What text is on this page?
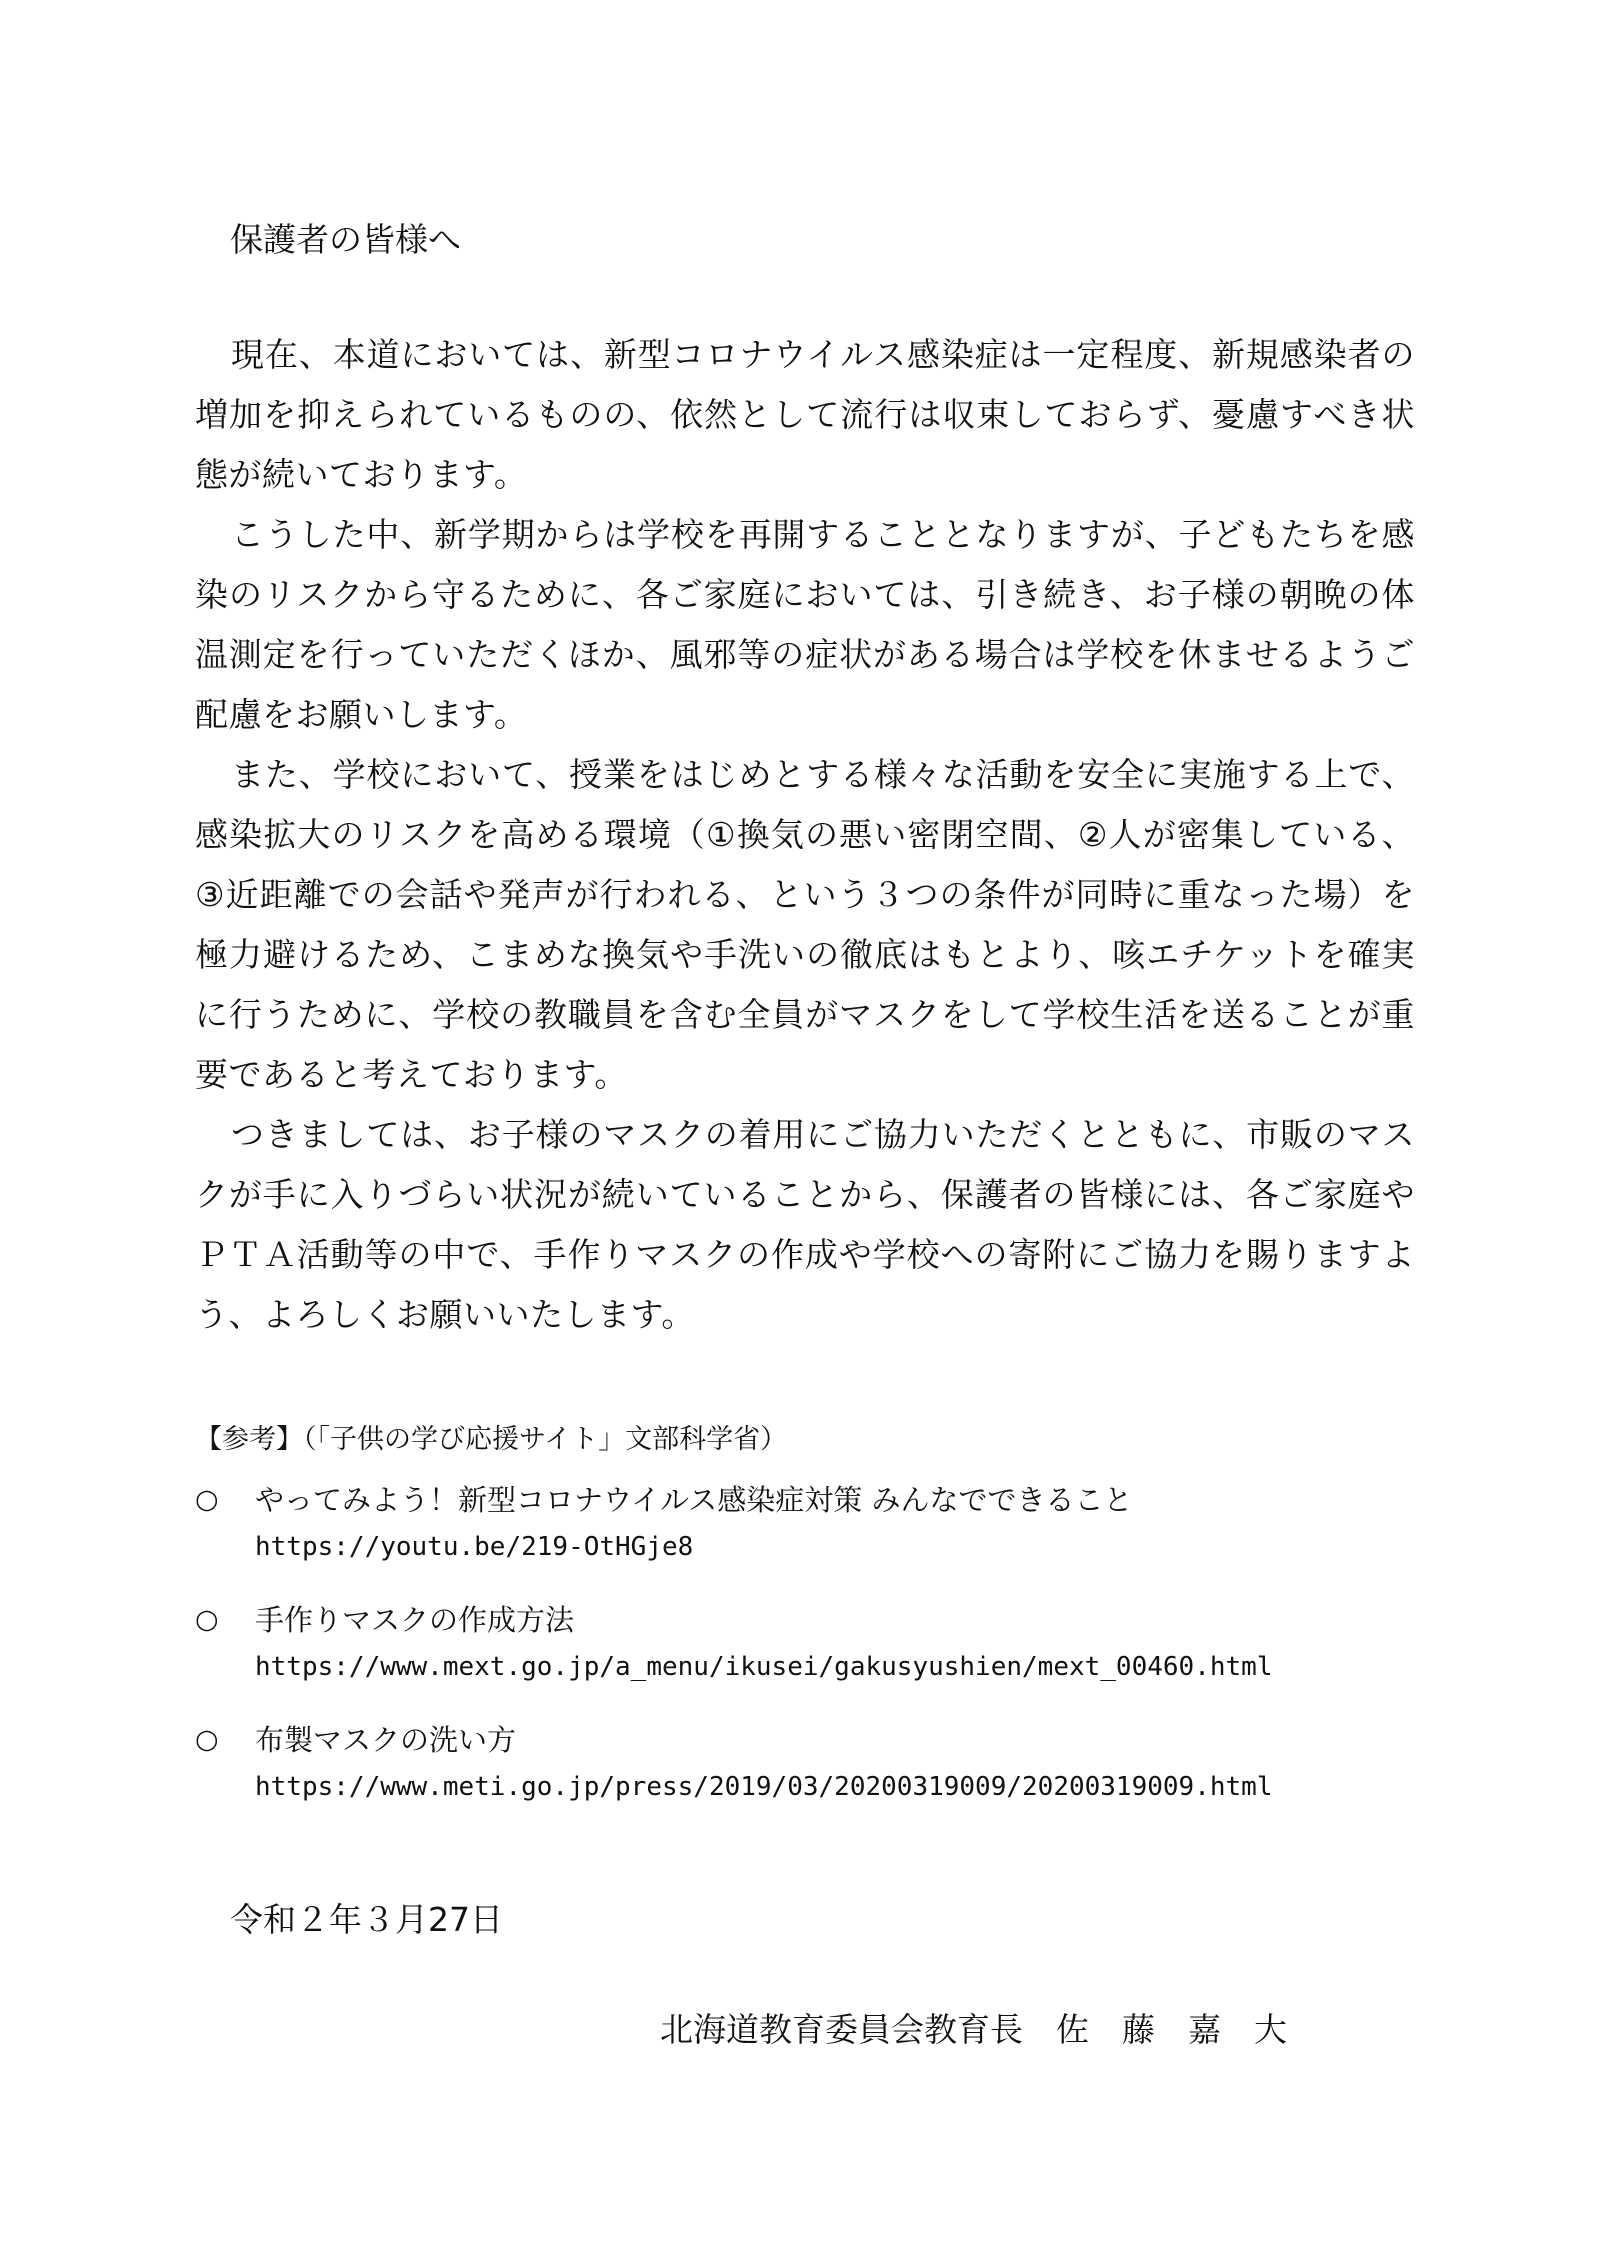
保護者の皆様へ

現在、本道においては、新型コロナウイルス感染症は一定程度、新規感染者の増加を抑えられているものの、依然として流行は収束しておらず、憂慮すべき状態が続いております。

こうした中、新学期からは学校を再開することとなりますが、子どもたちを感染のリスクから守るために、各ご家庭においては、引き続き、お子様の朝晩の体温測定を行っていただくほか、風邪等の症状がある場合は学校を休ませるようご配慮をお願いします。

また、学校において、授業をはじめとする様々な活動を安全に実施する上で、感染拡大のリスクを高める環境（①換気の悪い密閉空間、②人が密集している、③近距離での会話や発声が行われる、という３つの条件が同時に重なった場）を極力避けるため、こまめな換気や手洗いの徹底はもとより、咳エチケットを確実に行うために、学校の教職員を含む全員がマスクをして学校生活を送ることが重要であると考えております。

つきましては、お子様のマスクの着用にご協力いただくとともに、市販のマスクが手に入りづらい状況が続いていることから、保護者の皆様には、各ご家庭やＰＴＡ活動等の中で、手作りマスクの作成や学校への寄附にご協力を賜りますよう、よろしくお願いいたします。

【参考】（「子供の学び応援サイト」文部科学省）
○ やってみよう！新型コロナウイルス感染症対策 みんなでできること
https://youtu.be/219-OtHGje8
○ 手作りマスクの作成方法
https://www.mext.go.jp/a_menu/ikusei/gakusyushien/mext_00460.html
○ 布製マスクの洗い方
https://www.meti.go.jp/press/2019/03/20200319009/20200319009.html
令和２年３月27日
北海道教育委員会教育長　佐　藤　嘉　大
